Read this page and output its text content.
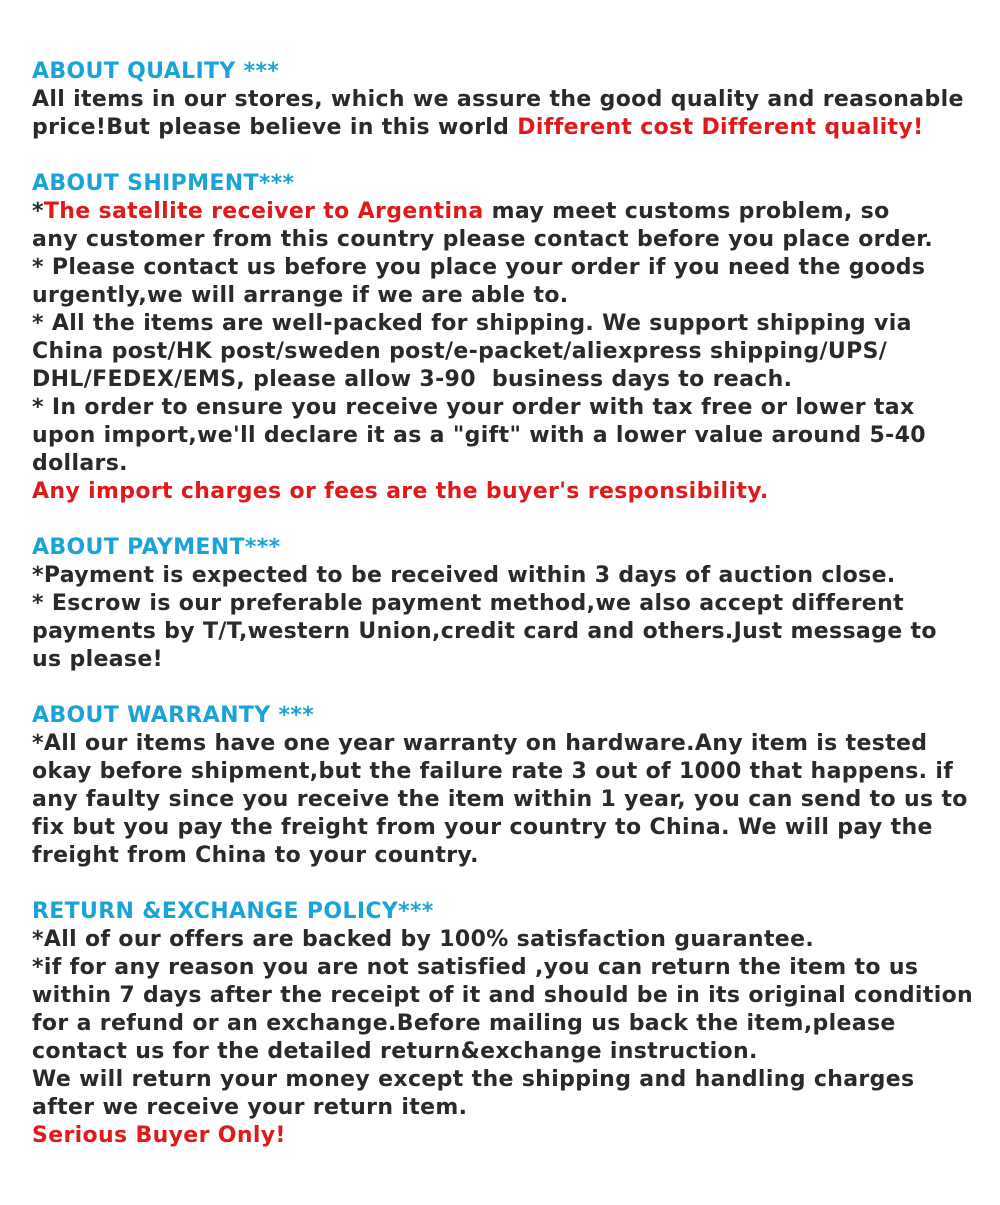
ABOUT QUALITY ***
All items in our stores, which we assure the good quality and reasonable
price!But please believe in this world Different cost Different quality!
ABOUT SHIPMENT***
*The satellite receiver to Argentina may meet customs problem, so
any customer from this country please contact before you place order.
* Please contact us before you place your order if you need the goods
urgently,we will arrange if we are able to.
* All the items are well-packed for shipping. We support shipping via
China post/HK post/sweden post/e-packet/aliexpress shipping/UPS/
DHL/FEDEX/EMS, please allow 3-90  business days to reach.
* In order to ensure you receive your order with tax free or lower tax
upon import,we'll declare it as a "gift" with a lower value around 5-40
dollars.
Any import charges or fees are the buyer's responsibility.
ABOUT PAYMENT***
*Payment is expected to be received within 3 days of auction close.
* Escrow is our preferable payment method,we also accept different
payments by T/T,western Union,credit card and others.Just message to
us please!
ABOUT WARRANTY ***
*All our items have one year warranty on hardware.Any item is tested
okay before shipment,but the failure rate 3 out of 1000 that happens. if
any faulty since you receive the item within 1 year, you can send to us to
fix but you pay the freight from your country to China. We will pay the
freight from China to your country.
RETURN &EXCHANGE POLICY***
*All of our offers are backed by 100% satisfaction guarantee.
*if for any reason you are not satisfied ,you can return the item to us
within 7 days after the receipt of it and should be in its original condition
for a refund or an exchange.Before mailing us back the item,please
contact us for the detailed return&exchange instruction.
We will return your money except the shipping and handling charges
after we receive your return item.
Serious Buyer Only!
